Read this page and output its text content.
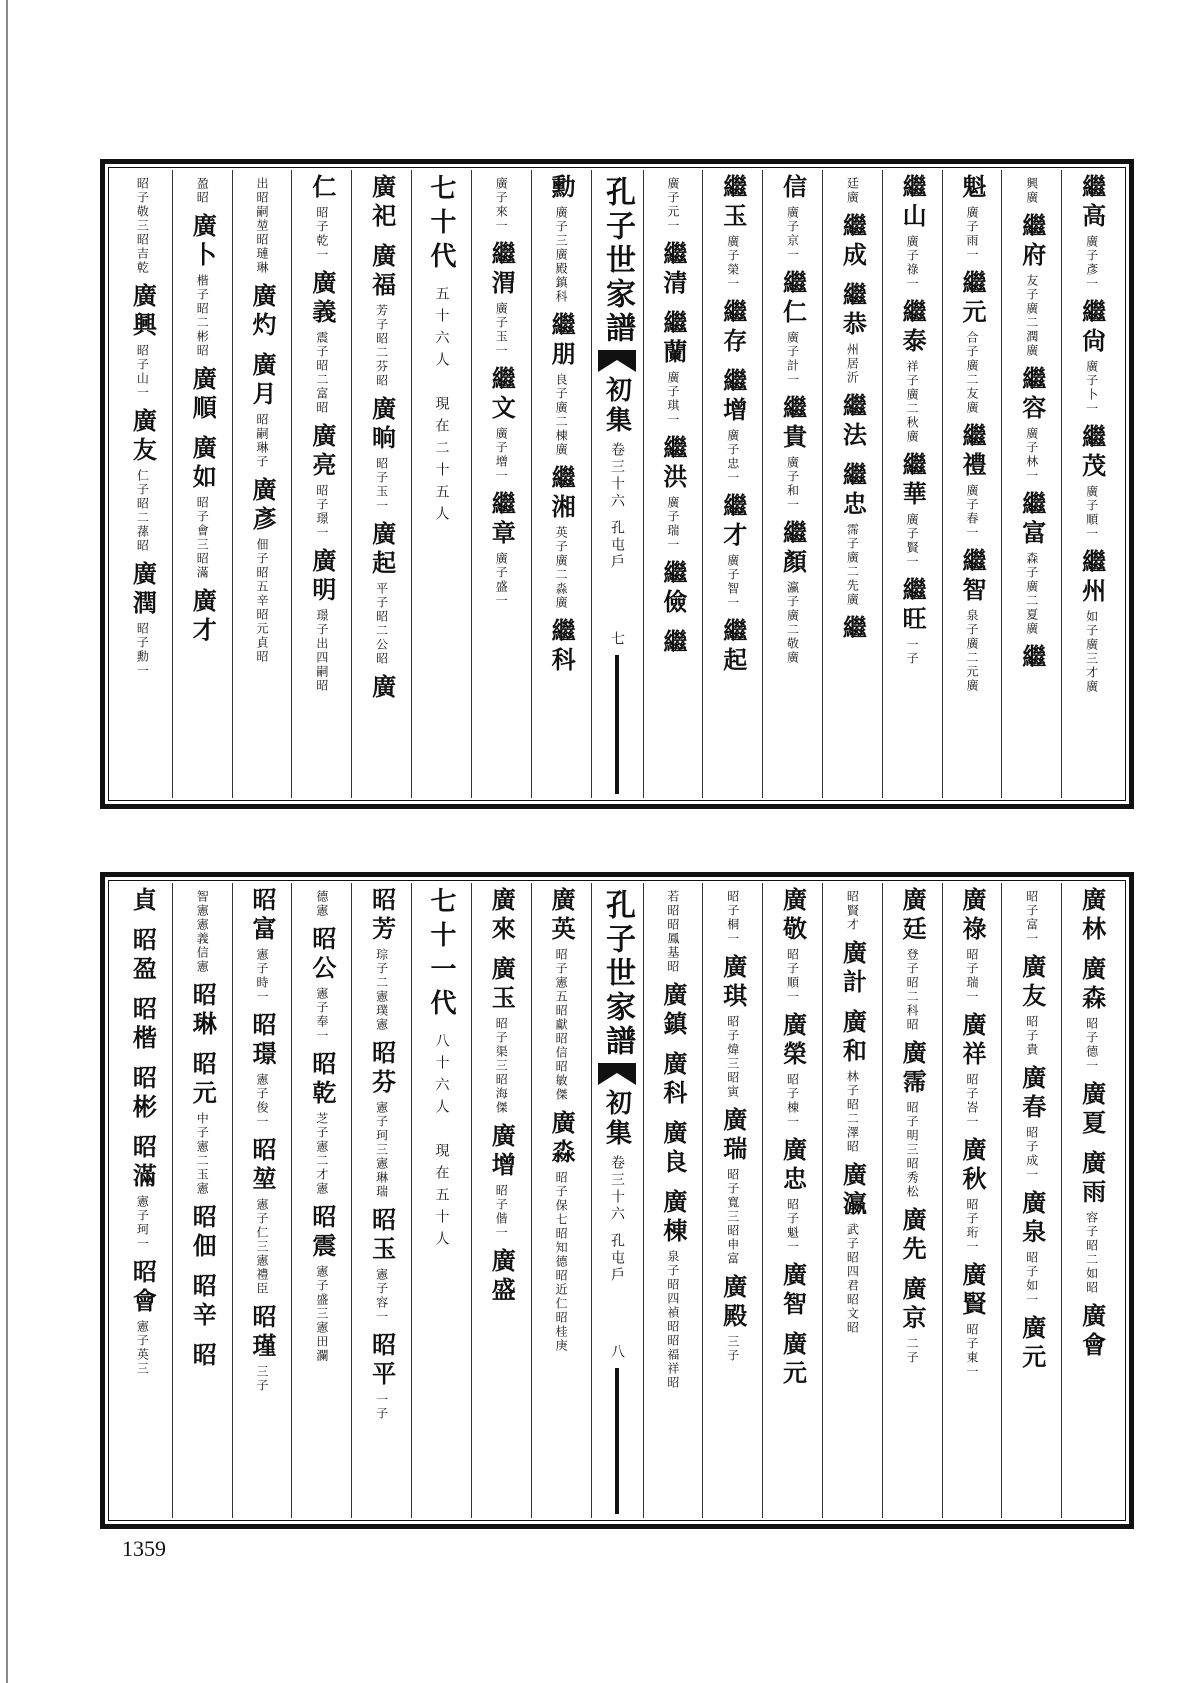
繼高
廣子彥一
繼尙
廣子卜一
繼茂
廣子順一
繼州
如子廣三才廣
興廣
繼府
友子廣二潤廣
繼容
廣子林一
繼富
森子廣二夏廣
繼
魁
廣子雨一
繼元
合子廣二友廣
繼禮
廣子春一
繼智
泉子廣二元廣
繼山
廣子祿一
繼泰
祥子廣二秋廣
繼華
廣子賢一
繼旺
一子
廷廣
繼成
繼恭
州居沂
繼法
繼忠
霈子廣二先廣
繼
信
廣子京一
繼仁
廣子計一
繼貴
廣子和一
繼顏
瀛子廣二敬廣
繼玉
廣子榮一
繼存
繼增
廣子忠一
繼才
廣子智一
繼起
廣子元一
繼清
繼蘭
廣子琪一
繼洪
廣子瑞一
繼儉
繼
孔子世家譜
初集
卷三十六孔屯戶
七
勳
廣子三廣殿鎮科
繼朋
良子廣二棟廣
繼湘
英子廣二淼廣
繼科
廣子來一
繼渭
廣子玉一
繼文
廣子增一
繼章
廣子盛一
七十代
五十六人　現在二十五人
廣祀
廣福
芳子昭二芬昭
廣晌
昭子玉一
廣起
平子昭二公昭
廣
仁
昭子乾一
廣義
震子昭二富昭
廣亮
昭子璟一
廣明
璟子出四嗣昭
出昭嗣堃昭璉琳
廣灼
廣月
昭嗣琳子
廣彥
佃子昭五辛昭元貞昭
盈昭
廣卜
楷子昭二彬昭
廣順
廣如
昭子會三昭滿
廣才
昭子敬三昭吉乾
廣興
昭子山一
廣友
仁子昭二蓀昭
廣潤
昭子勳一
廣林
廣森
昭子德一
廣夏
廣雨
容子昭二如昭
廣會
昭子富一
廣友
昭子貴
廣春
昭子成一
廣泉
昭子如一
廣元
廣祿
昭子瑞一
廣祥
昭子峇一
廣秋
昭子珩一
廣賢
昭子東一
廣廷
登子昭二科昭
廣霈
昭子明三昭秀松
廣先
廣京
二子
昭賢才
廣計
廣和
林子昭二澤昭
廣瀛
武子昭四君昭文昭
廣敬
昭子順一
廣榮
昭子棟一
廣忠
昭子魁一
廣智
廣元
昭子桐一
廣琪
昭子煒三昭寅
廣瑞
昭子寬三昭申富
廣殿
三子
若昭昭鳳基昭
廣鎮
廣科
廣良
廣棟
泉子昭四禎昭昭福祥昭
孔子世家譜
初集
卷三十六孔屯戶
八
廣英
昭子憲五昭獻昭信昭敏傑
廣淼
昭子保七昭知德昭近仁昭桂庚
廣來
廣玉
昭子渠三昭海傑
廣增
昭子偕一
廣盛
七十一代
八十六人　現在五十人
昭芳
琮子二憲璞憲
昭芬
憲子珂三憲琳瑞
昭玉
憲子容一
昭平
一子
德憲
昭公
憲子奉一
昭乾
芝子憲二才憲
昭震
憲子盛三憲田瀾
昭富
憲子時一
昭璟
憲子俊一
昭堃
憲子仁三憲禮臣
昭瑾
三子
智憲憲義信憲
昭琳
昭元
中子憲二玉憲
昭佃
昭辛
昭
貞
昭盈
昭楷
昭彬
昭滿
憲子珂一
昭會
憲子英三
1359
